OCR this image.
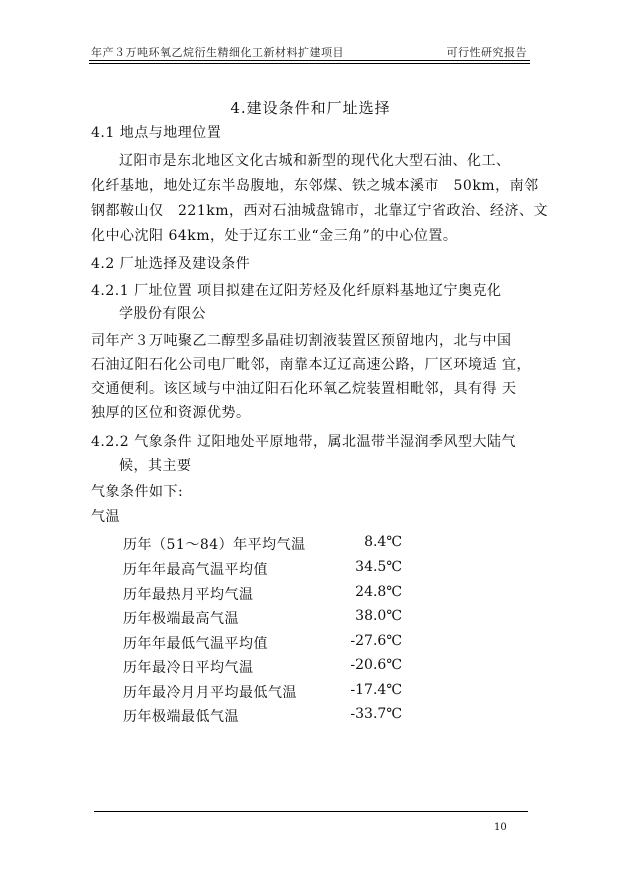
年产３万吨环氧乙烷衍生精细化工新材料扩建项目	可行性研究报告
4.建设条件和厂址选择
4.1 地点与地理位置
辽阳市是东北地区文化古城和新型的现代化大型石油、化工、
化纤基地，地处辽东半岛腹地，东邻煤、铁之城本溪市　50km，南邻
钢都鞍山仅　221km，西对石油城盘锦市，北靠辽宁省政治、经济、文
化中心沈阳 64km，处于辽东工业“金三角”的中心位置。
4.2 厂址选择及建设条件
4.2.1 厂址位置 项目拟建在辽阳芳烃及化纤原料基地辽宁奥克化
学股份有限公
司年产３万吨聚乙二醇型多晶硅切割液装置区预留地内，北与中国
石油辽阳石化公司电厂毗邻，南靠本辽辽高速公路，厂区环境适 宜，
交通便利。该区域与中油辽阳石化环氧乙烷装置相毗邻，具有得 天
独厚的区位和资源优势。
4.2.2 气象条件 辽阳地处平原地带，属北温带半湿润季风型大陆气
候，其主要
气象条件如下:
气温
历年（51～84）年平均气温	8.4℃
历年年最高气温平均值	34.5℃
历年最热月平均气温	24.8℃
历年极端最高气温	38.0℃
历年年最低气温平均值	-27.6℃
历年最冷日平均气温	-20.6℃
历年最冷月月平均最低气温	-17.4℃
历年极端最低气温	-33.7℃
10
